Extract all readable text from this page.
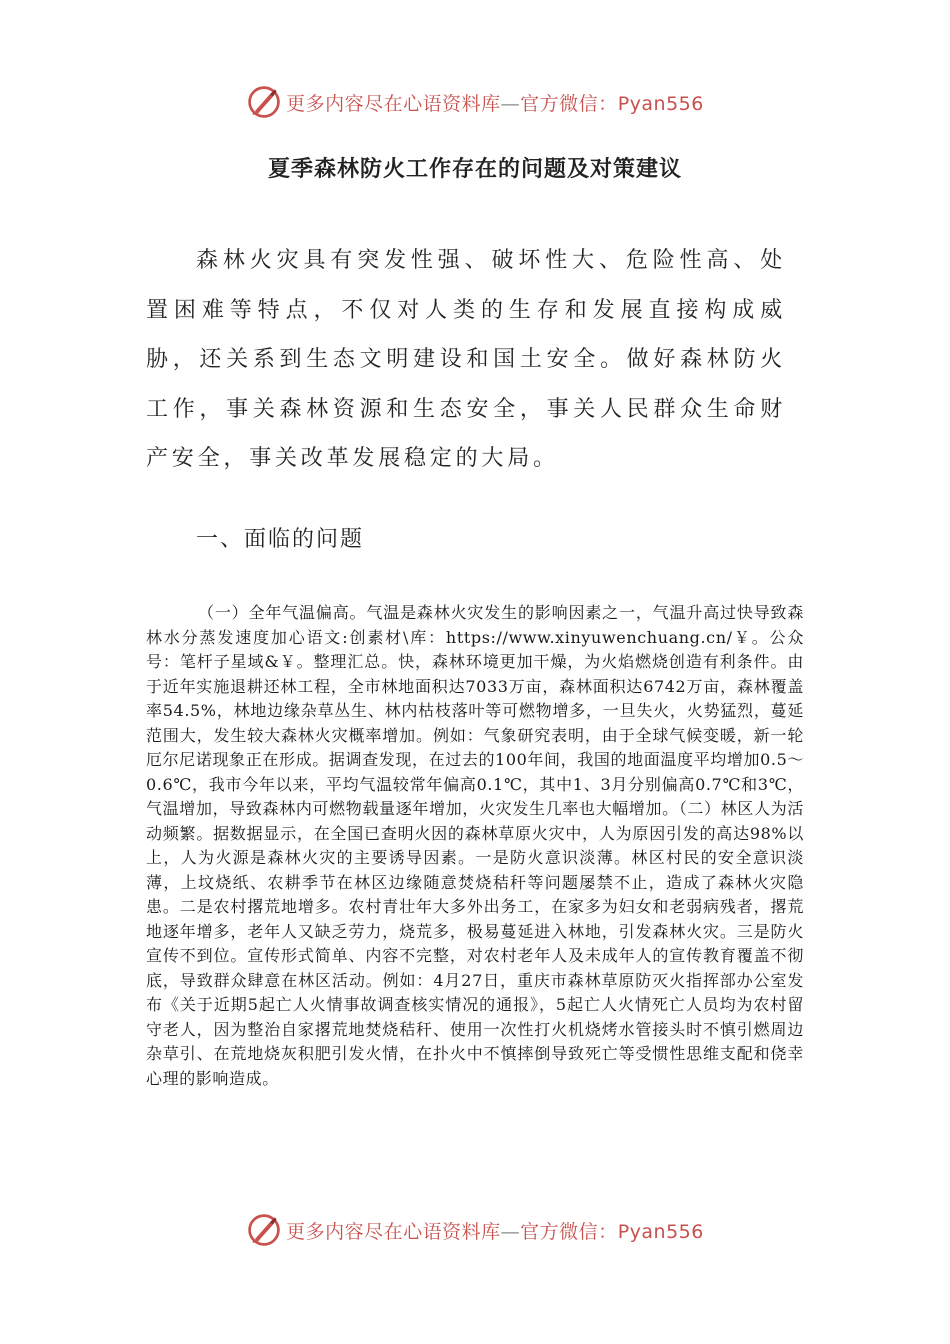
更多内容尽在心语资料库—官方微信：Pyan556
夏季森林防火工作存在的问题及对策建议

森林火灾具有突发性强、破坏性大、危险性高、处置困难等特点，不仅对人类的生存和发展直接构成威胁，还关系到生态文明建设和国土安全。做好森林防火工作，事关森林资源和生态安全，事关人民群众生命财产安全，事关改革发展稳定的大局。

一、面临的问题

（一）全年气温偏高。气温是森林火灾发生的影响因素之一，气温升高过快导致森林水分蒸发速度加心语文:创素材\库：https://www.xinyuwenchuang.cn/￥。公众号：笔杆子星域&￥。整理汇总。快，森林环境更加干燥，为火焰燃烧创造有利条件。由于近年实施退耕还林工程，全市林地面积达7033万亩，森林面积达6742万亩，森林覆盖率54.5%，林地边缘杂草丛生、林内枯枝落叶等可燃物增多，一旦失火，火势猛烈，蔓延范围大，发生较大森林火灾概率增加。例如：气象研究表明，由于全球气候变暖，新一轮厄尔尼诺现象正在形成。据调查发现，在过去的100年间，我国的地面温度平均增加0.5～0.6℃，我市今年以来，平均气温较常年偏高0.1℃，其中1、3月分别偏高0.7℃和3℃，气温增加，导致森林内可燃物载量逐年增加，火灾发生几率也大幅增加。（二）林区人为活动频繁。据数据显示，在全国已查明火因的森林草原火灾中，人为原因引发的高达98%以上，人为火源是森林火灾的主要诱导因素。一是防火意识淡薄。林区村民的安全意识淡薄，上坟烧纸、农耕季节在林区边缘随意焚烧秸秆等问题屡禁不止，造成了森林火灾隐患。二是农村撂荒地增多。农村青壮年大多外出务工，在家多为妇女和老弱病残者，撂荒地逐年增多，老年人又缺乏劳力，烧荒多，极易蔓延进入林地，引发森林火灾。三是防火宣传不到位。宣传形式简单、内容不完整，对农村老年人及未成年人的宣传教育覆盖不彻底，导致群众肆意在林区活动。例如：4月27日，重庆市森林草原防灭火指挥部办公室发布《关于近期5起亡人火情事故调查核实情况的通报》，5起亡人火情死亡人员均为农村留守老人，因为整治自家撂荒地焚烧秸秆、使用一次性打火机烧烤水管接头时不慎引燃周边杂草引、在荒地烧灰积肥引发火情，在扑火中不慎摔倒导致死亡等受惯性思维支配和侥幸心理的影响造成。

更多内容尽在心语资料库—官方微信：Pyan556
